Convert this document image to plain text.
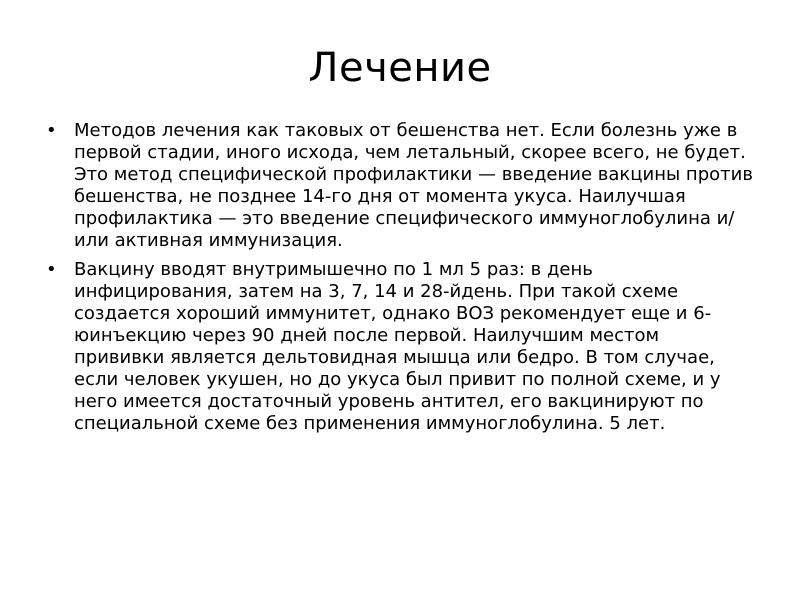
Лечение
• Методов лечения как таковых от бешенства нет. Если болезнь уже в первой стадии, иного исхода, чем летальный, скорее всего, не будет. Это метод специфической профилактики — введение вакцины против бешенства, не позднее 14-го дня от момента укуса. Наилучшая профилактика — это введение специфического иммуноглобулина и/или активная иммунизация.
• Вакцину вводят внутримышечно по 1 мл 5 раз: в день инфицирования, затем на 3, 7, 14 и 28-йдень. При такой схеме создается хороший иммунитет, однако ВОЗ рекомендует еще и 6-юинъекцию через 90 дней после первой. Наилучшим местом прививки является дельтовидная мышца или бедро. В том случае, если человек укушен, но до укуса был привит по полной схеме, и у него имеется достаточный уровень антител, его вакцинируют по специальной схеме без применения иммуноглобулина. 5 лет.
